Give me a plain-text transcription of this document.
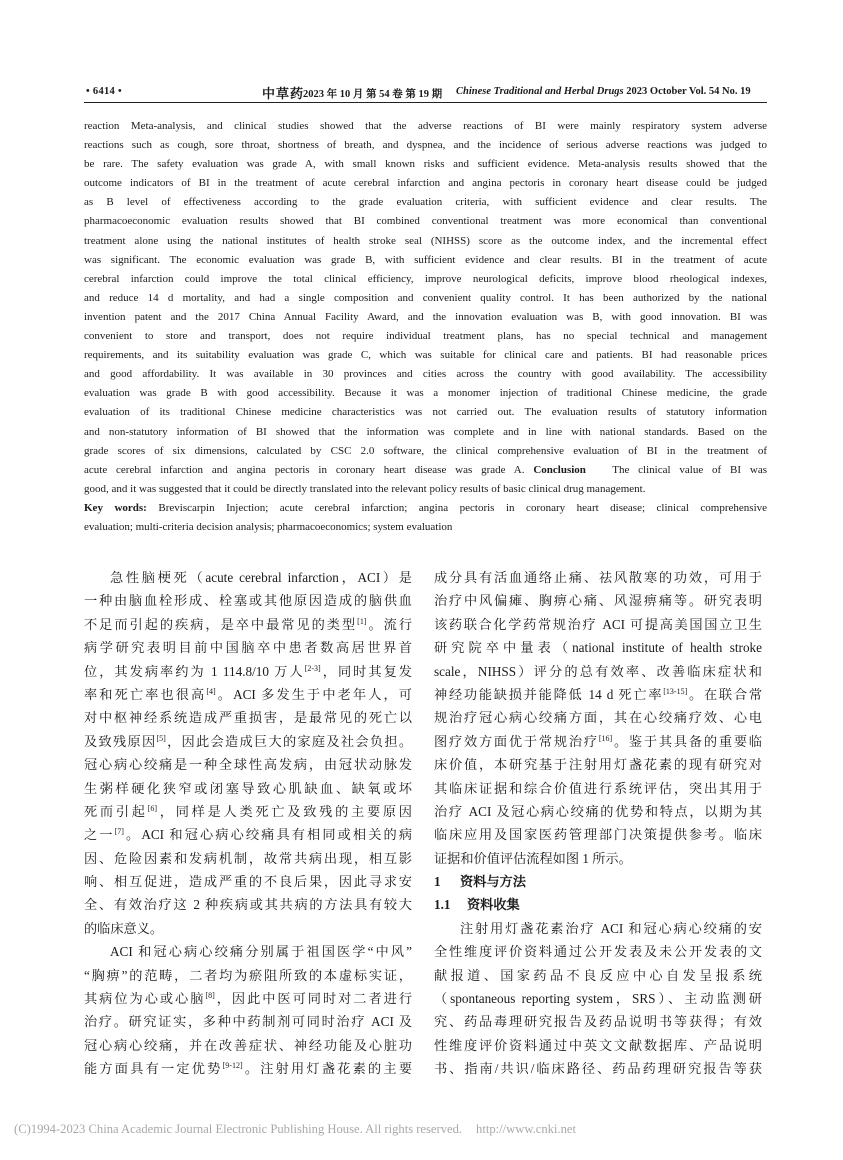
• 6414 •	中草药
2023 年 10 月 第 54 卷 第 19 期 Chinese Traditional and Herbal Drugs 2023 October Vol. 54 No. 19
reaction Meta-analysis, and clinical studies showed that the adverse reactions of BI were mainly respiratory system adverse
reactions such as cough, sore throat, shortness of breath, and dyspnea, and the incidence of serious adverse reactions was judged to
be rare. The safety evaluation was grade A, with small known risks and sufficient evidence. Meta-analysis results showed that the
outcome indicators of BI in the treatment of acute cerebral infarction and angina pectoris in coronary heart disease could be judged
as B level of effectiveness according to the grade evaluation criteria, with sufficient evidence and clear results. The
pharmacoeconomic evaluation results showed that BI combined conventional treatment was more economical than conventional
treatment alone using the national institutes of health stroke seal (NIHSS) score as the outcome index, and the incremental effect
was significant. The economic evaluation was grade B, with sufficient evidence and clear results. BI in the treatment of acute
cerebral infarction could improve the total clinical efficiency, improve neurological deficits, improve blood rheological indexes,
and reduce 14 d mortality, and had a single composition and convenient quality control. It has been authorized by the national
invention patent and the 2017 China Annual Facility Award, and the innovation evaluation was B, with good innovation. BI was
convenient to store and transport, does not require individual treatment plans, has no special technical and management
requirements, and its suitability evaluation was grade C, which was suitable for clinical care and patients. BI had reasonable prices
and good affordability. It was available in 30 provinces and cities across the country with good availability. The accessibility
evaluation was grade B with good accessibility. Because it was a monomer injection of traditional Chinese medicine, the grade
evaluation of its traditional Chinese medicine characteristics was not carried out. The evaluation results of statutory information
and non-statutory information of BI showed that the information was complete and in line with national standards. Based on the
grade scores of six dimensions, calculated by CSC 2.0 software, the clinical comprehensive evaluation of BI in the treatment of
acute cerebral infarction and angina pectoris in coronary heart disease was grade A. Conclusion The clinical value of BI was
good, and it was suggested that it could be directly translated into the relevant policy results of basic clinical drug management.
Key words: Breviscarpin Injection; acute cerebral infarction; angina pectoris in coronary heart disease; clinical comprehensive
evaluation; multi-criteria decision analysis; pharmacoeconomics; system evaluation
急性脑梗死（acute cerebral infarction，ACI）是
一种由脑血栓形成、栓塞或其他原因造成的脑供血
不足而引起的疾病，是卒中最常见的类型[1]。流行
病学研究表明目前中国脑卒中患者数高居世界首
位，其发病率约为 1 114.8/10 万人[2-3]，同时其复发
率和死亡率也很高[4]。ACI 多发生于中老年人，可
对中枢神经系统造成严重损害，是最常见的死亡以
及致残原因[5]，因此会造成巨大的家庭及社会负担。
冠心病心绞痛是一种全球性高发病，由冠状动脉发
生粥样硬化狭窄或闭塞导致心肌缺血、缺氧或坏
死而引起[6]，同样是人类死亡及致残的主要原因
之一[7]。ACI 和冠心病心绞痛具有相同或相关的病
因、危险因素和发病机制，故常共病出现，相互影
响、相互促进，造成严重的不良后果，因此寻求安
全、有效治疗这 2 种疾病或其共病的方法具有较大
的临床意义。
ACI 和冠心病心绞痛分别属于祖国医学“中风”
“胸痹”的范畴，二者均为瘀阻所致的本虚标实证，
其病位为心或心脑[8]，因此中医可同时对二者进行
治疗。研究证实，多种中药制剂可同时治疗 ACI 及
冠心病心绞痛，并在改善症状、神经功能及心脏功
能方面具有一定优势[9-12]。注射用灯盏花素的主要
成分具有活血通络止痛、祛风散寒的功效，可用于
治疗中风偏瘫、胸痹心痛、风湿痹痛等。研究表明
该药联合化学药常规治疗 ACI 可提高美国国立卫生
研究院卒中量表（national institute of health stroke
scale，NIHSS）评分的总有效率、改善临床症状和
神经功能缺损并能降低 14 d 死亡率[13-15]。在联合常
规治疗冠心病心绞痛方面，其在心绞痛疗效、心电
图疗效方面优于常规治疗[16]。鉴于其具备的重要临
床价值，本研究基于注射用灯盏花素的现有研究对
其临床证据和综合价值进行系统评估，突出其用于
治疗 ACI 及冠心病心绞痛的优势和特点，以期为其
临床应用及国家医药管理部门决策提供参考。临床
证据和价值评估流程如图 1 所示。
1 资料与方法
1.1 资料收集
注射用灯盏花素治疗 ACI 和冠心病心绞痛的安
全性维度评价资料通过公开发表及未公开发表的文
献报道、国家药品不良反应中心自发呈报系统
（spontaneous reporting system，SRS）、主动监测研
究、药品毒理研究报告及药品说明书等获得；有效
性维度评价资料通过中英文文献数据库、产品说明
书、指南/共识/临床路径、药品药理研究报告等获
(C)1994-2023 China Academic Journal Electronic Publishing House. All rights reserved. http://www.cnki.net
